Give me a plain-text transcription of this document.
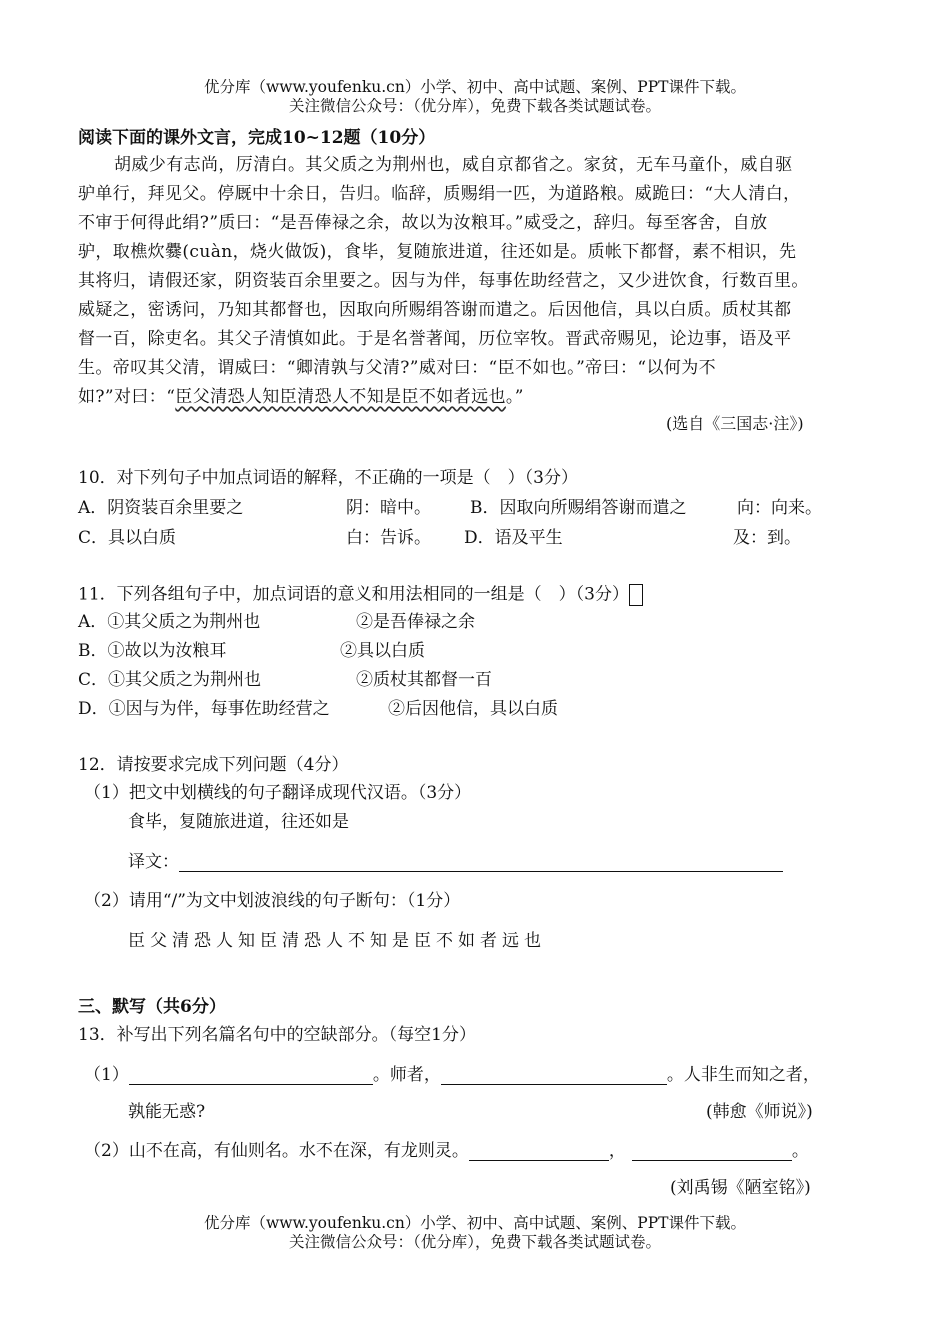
优分库（www.youfenku.cn）小学、初中、高中试题、案例、PPT课件下载。
关注微信公众号：（优分库），免费下载各类试题试卷。
阅读下面的课外文言，完成10~12题（10分）
胡威少有志尚，厉清白。其父质之为荆州也，威自京都省之。家贫，无车马童仆，威自驱
驴单行，拜见父。停厩中十余日，告归。临辞，质赐绢一匹，为道路粮。威跪曰：“大人清白，
不审于何得此绢?”质曰：“是吾俸禄之余，故以为汝粮耳。”威受之，辞归。每至客舍，自放
驴，取樵炊爨(cuàn，烧火做饭)，食毕，复随旅进道，往还如是。质帐下都督，素不相识，先
其将归，请假还家，阴资装百余里要之。因与为伴，每事佐助经营之，又少进饮食，行数百里。
威疑之，密诱问，乃知其都督也，因取向所赐绢答谢而遣之。后因他信，具以白质。质杖其都
督一百，除吏名。其父子清慎如此。于是名誉著闻，历位宰牧。晋武帝赐见，论边事，语及平
生。帝叹其父清，谓威曰：“卿清孰与父清?”威对曰：“臣不如也。”帝曰：“以何为不
如?”对曰：“臣父清恐人知臣清恐人不知是臣不如者远也。”
(选自《三国志·注》)
10．对下列句子中加点词语的解释，不正确的一项是（　）（3分）
A．阴资装百余里要之	阴：暗中。 B．因取向所赐绢答谢而遣之	向：向来。
C．具以白质	白：告诉。 D．语及平生	及：到。
11．下列各组句子中，加点词语的意义和用法相同的一组是（　）（3分）
A．①其父质之为荆州也	②是吾俸禄之余
B．①故以为汝粮耳	②具以白质
C．①其父质之为荆州也	②质杖其都督一百
D．①因与为伴，每事佐助经营之	②后因他信，具以白质
12．请按要求完成下列问题（4分）
（1）把文中划横线的句子翻译成现代汉语。（3分）
食毕，复随旅进道，往还如是
译文：
（2）请用“/”为文中划波浪线的句子断句：（1分）
臣父清恐人知臣清恐人不知是臣不如者远也
三、默写（共6分）
13．补写出下列名篇名句中的空缺部分。（每空1分）
（1）	。师者，	。人非生而知之者，
孰能无惑?	(韩愈《师说》)
（2）山不在高，有仙则名。水不在深，有龙则灵。	，	。
(刘禹锡《陋室铭》)
优分库（www.youfenku.cn）小学、初中、高中试题、案例、PPT课件下载。
关注微信公众号：（优分库），免费下载各类试题试卷。
